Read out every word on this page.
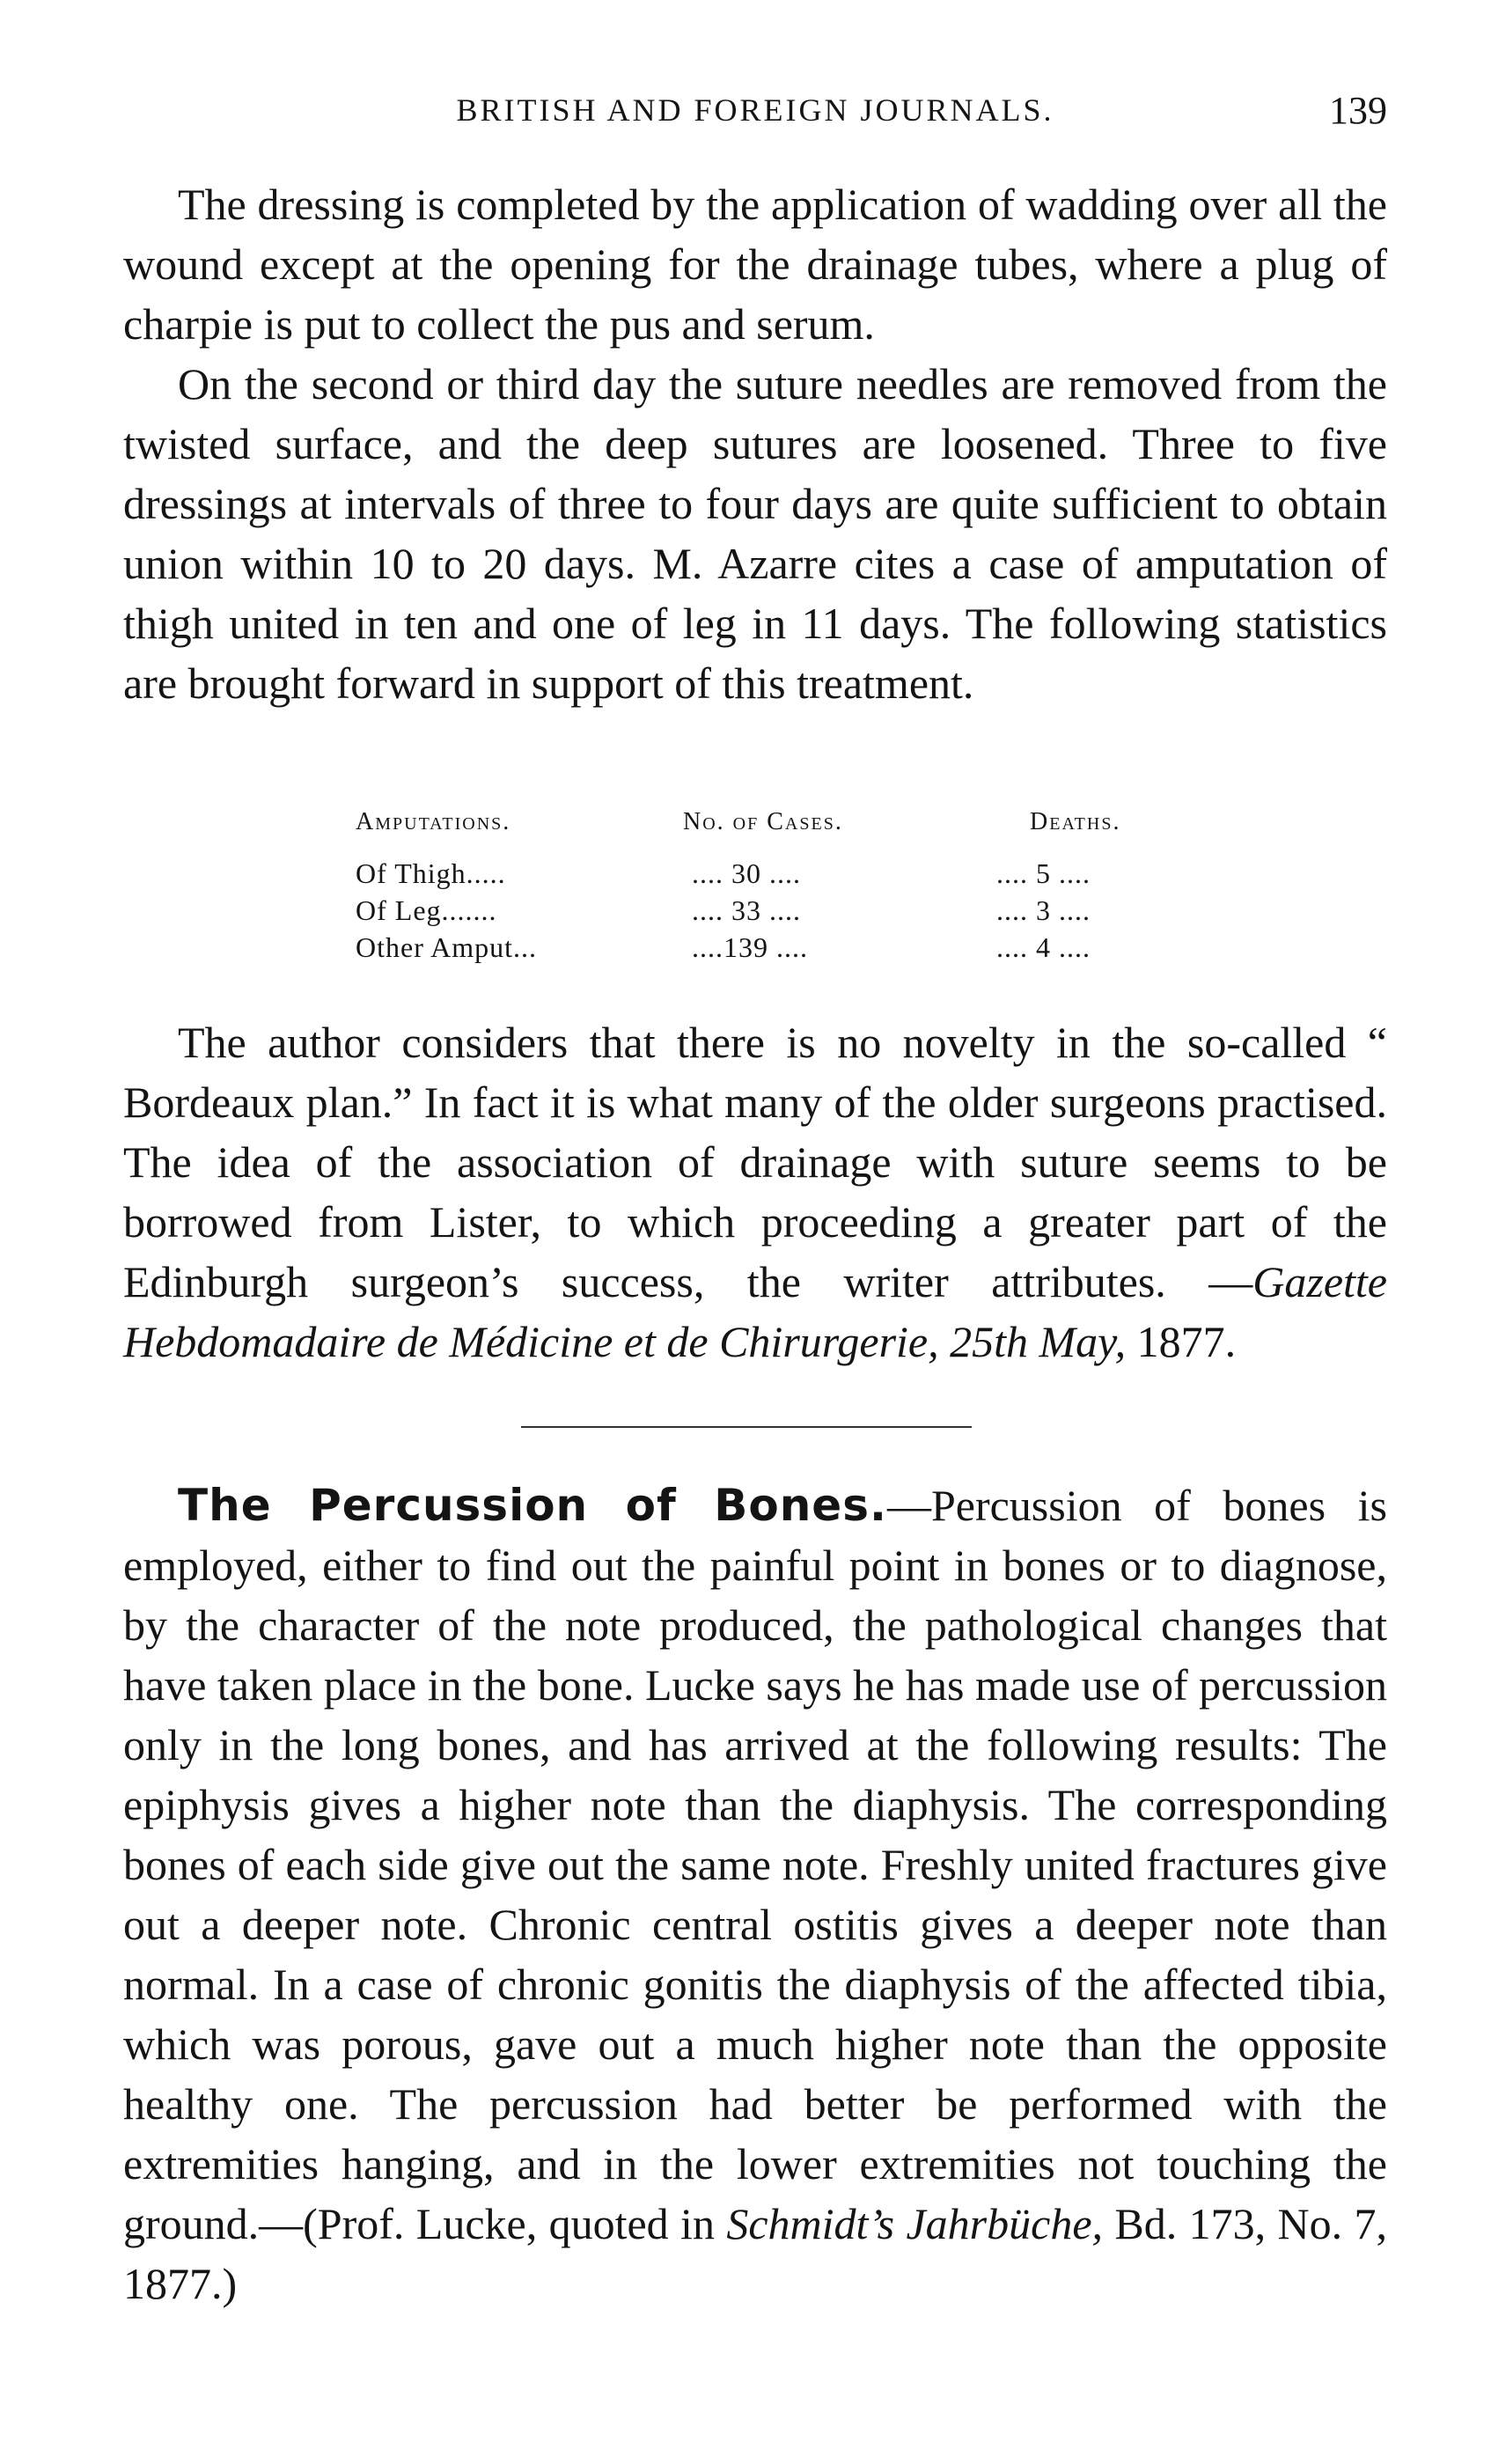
BRITISH AND FOREIGN JOURNALS.	139

The dressing is completed by the application of wadding over all the wound except at the opening for the drainage tubes, where a plug of charpie is put to collect the pus and serum.

On the second or third day the suture needles are removed from the twisted surface, and the deep sutures are loosened. Three to five dressings at intervals of three to four days are quite sufficient to obtain union within 10 to 20 days. M. Azarre cites a case of amputation of thigh united in ten and one of leg in 11 days. The following statistics are brought forward in support of this treatment.

Amputations.	No. of Cases.	Deaths.
Of Thigh.....	.... 30 ....	.... 5 ....
Of Leg.......	.... 33 ....	.... 3 ....
Other Amput...	....139 ....	.... 4 ....

The author considers that there is no novelty in the so-called “ Bordeaux plan.” In fact it is what many of the older surgeons practised. The idea of the association of drainage with suture seems to be borrowed from Lister, to which proceeding a greater part of the Edinburgh surgeon’s success, the writer attributes. —Gazette Hebdomadaire de Médicine et de Chirurgerie, 25th May, 1877.

The Percussion of Bones.—Percussion of bones is employed, either to find out the painful point in bones or to diagnose, by the character of the note produced, the pathological changes that have taken place in the bone. Lucke says he has made use of percussion only in the long bones, and has arrived at the following results: The epiphysis gives a higher note than the diaphysis. The corresponding bones of each side give out the same note. Freshly united fractures give out a deeper note. Chronic central ostitis gives a deeper note than normal. In a case of chronic gonitis the diaphysis of the affected tibia, which was porous, gave out a much higher note than the opposite healthy one. The percussion had better be performed with the extremities hanging, and in the lower extremities not touching the ground.—(Prof. Lucke, quoted in Schmidt’s Jahrbüche, Bd. 173, No. 7, 1877.)
